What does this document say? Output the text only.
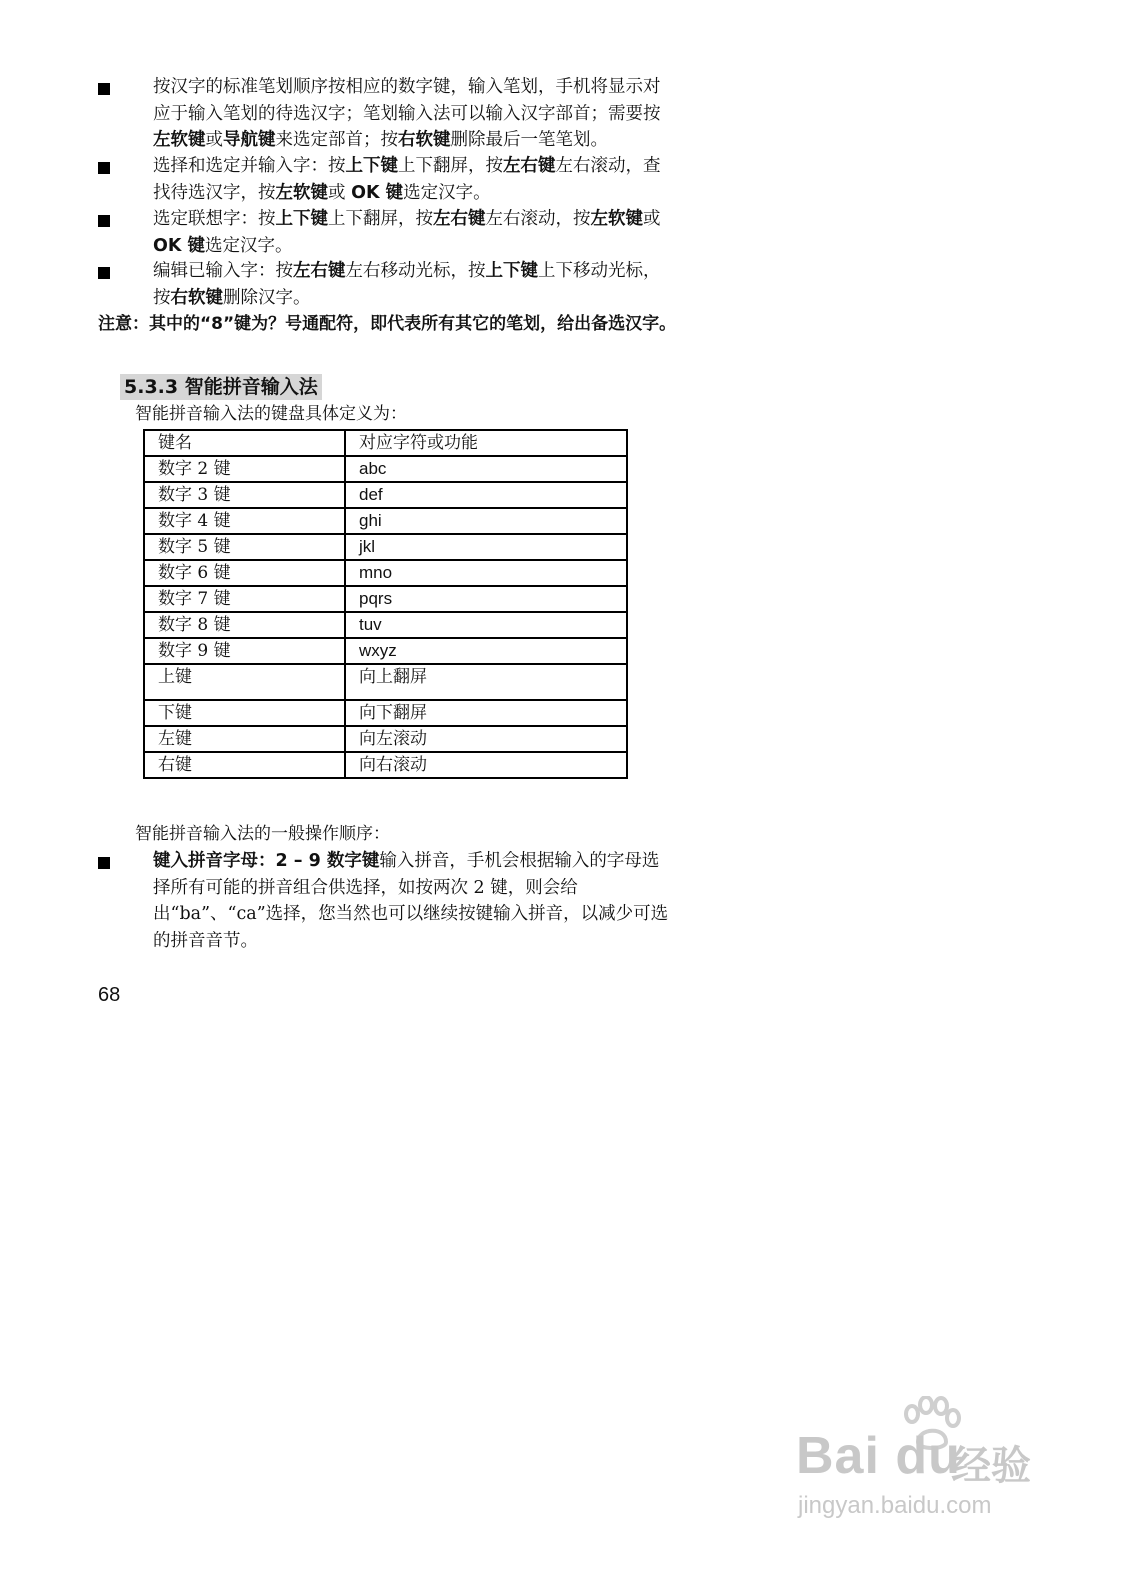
按汉字的标准笔划顺序按相应的数字键，输入笔划，手机将显示对应于输入笔划的待选汉字；笔划输入法可以输入汉字部首；需要按左软键或导航键来选定部首；按右软键删除最后一笔笔划。
选择和选定并输入字：按上下键上下翻屏，按左右键左右滚动，查找待选汉字，按左软键或 OK 键选定汉字。
选定联想字：按上下键上下翻屏，按左右键左右滚动，按左软键或 OK 键选定汉字。
编辑已输入字：按左右键左右移动光标，按上下键上下移动光标，按右软键删除汉字。
注意：其中的“8”键为？号通配符，即代表所有其它的笔划，给出备选汉字。
5.3.3 智能拼音输入法
智能拼音输入法的键盘具体定义为：
键名	对应字符或功能
数字 2 键	abc
数字 3 键	def
数字 4 键	ghi
数字 5 键	jkl
数字 6 键	mno
数字 7 键	pqrs
数字 8 键	tuv
数字 9 键	wxyz
上键	向上翻屏
下键	向下翻屏
左键	向左滚动
右键	向右滚动
智能拼音输入法的一般操作顺序：
键入拼音字母：2 – 9 数字键输入拼音，手机会根据输入的字母选择所有可能的拼音组合供选择，如按两次 2 键，则会给出“ba”、“ca”选择，您当然也可以继续按键输入拼音，以减少可选的拼音音节。
68
Bai du
经验
jingyan.baidu.com
